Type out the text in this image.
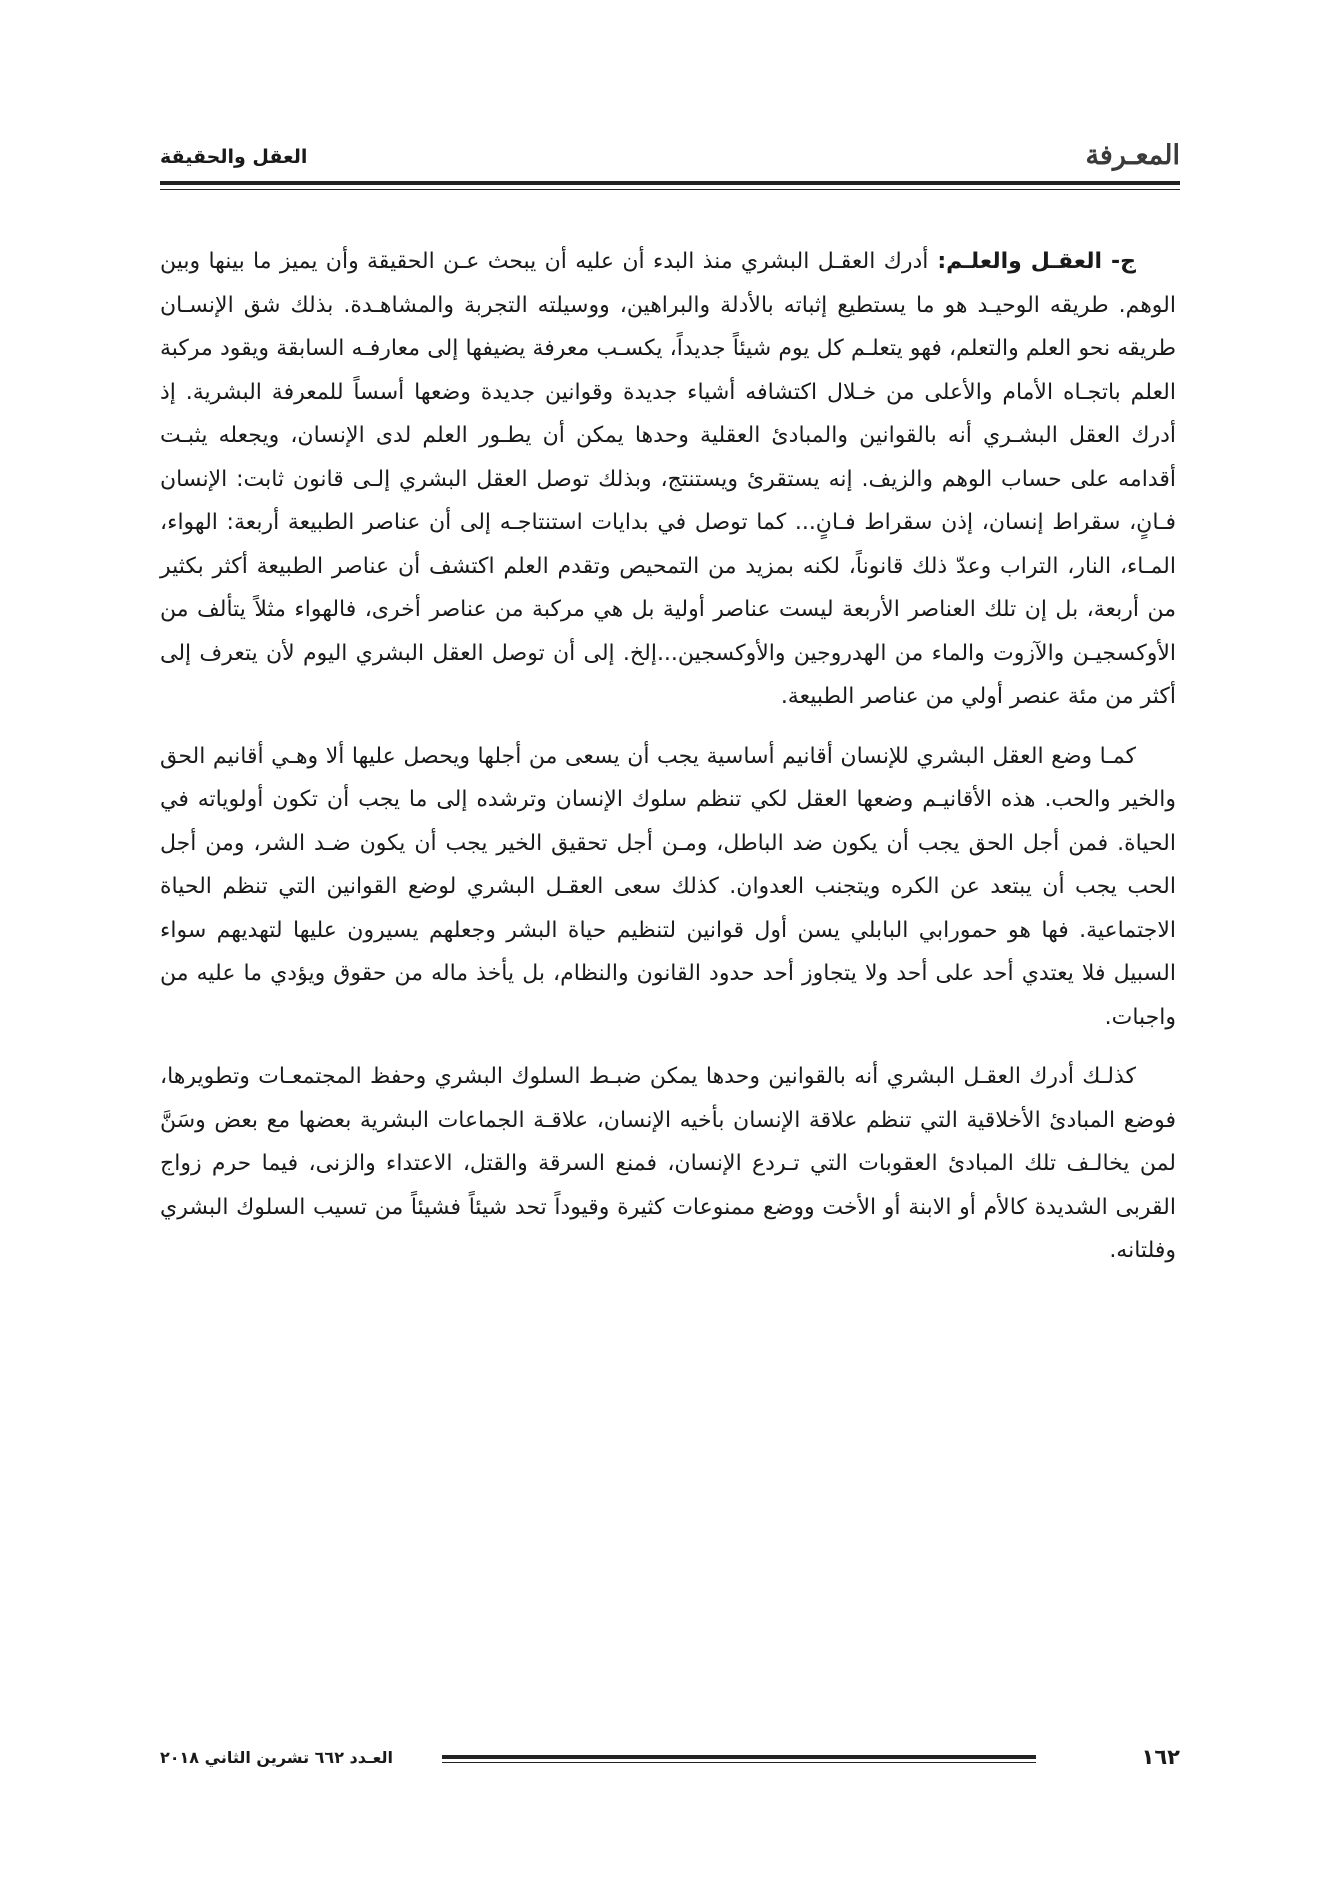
المعـرفة
العقل والحقيقة

ج- العقـل والعلـم: أدرك العقـل البشري منذ البدء أن عليه أن يبحث عـن الحقيقة وأن يميز ما بينها وبين الوهم. طريقه الوحيـد هو ما يستطيع إثباته بالأدلة والبراهين، ووسيلته التجربة والمشاهـدة. بذلك شق الإنسـان طريقه نحو العلم والتعلم، فهو يتعلـم كل يوم شيئاً جديداً، يكسـب معرفة يضيفها إلى معارفـه السابقة ويقود مركبة العلم باتجـاه الأمام والأعلى من خـلال اكتشافه أشياء جديدة وقوانين جديدة وضعها أسساً للمعرفة البشرية. إذ أدرك العقل البشـري أنه بالقوانين والمبادئ العقلية وحدها يمكن أن يطـور العلم لدى الإنسان، ويجعله يثبـت أقدامه على حساب الوهم والزيف. إنه يستقرئ ويستنتج، وبذلك توصل العقل البشري إلـى قانون ثابت: الإنسان فـانٍ، سقراط إنسان، إذن سقراط فـانٍ... كما توصل في بدايات استنتاجـه إلى أن عناصر الطبيعة أربعة: الهواء، المـاء، النار، التراب وعدّ ذلك قانوناً، لكنه بمزيد من التمحيص وتقدم العلم اكتشف أن عناصر الطبيعة أكثر بكثير من أربعة، بل إن تلك العناصر الأربعة ليست عناصر أولية بل هي مركبة من عناصر أخرى، فالهواء مثلاً يتألف من الأوكسجيـن والآزوت والماء من الهدروجين والأوكسجين...إلخ. إلى أن توصل العقل البشري اليوم لأن يتعرف إلى أكثر من مئة عنصر أولي من عناصر الطبيعة.

كمـا وضع العقل البشري للإنسان أقانيم أساسية يجب أن يسعى من أجلها ويحصل عليها ألا وهـي أقانيم الحق والخير والحب. هذه الأقانيـم وضعها العقل لكي تنظم سلوك الإنسان وترشده إلى ما يجب أن تكون أولوياته في الحياة. فمن أجل الحق يجب أن يكون ضد الباطل، ومـن أجل تحقيق الخير يجب أن يكون ضـد الشر، ومن أجل الحب يجب أن يبتعد عن الكره ويتجنب العدوان. كذلك سعى العقـل البشري لوضع القوانين التي تنظم الحياة الاجتماعية. فها هو حمورابي البابلي يسن أول قوانين لتنظيم حياة البشر وجعلهم يسيرون عليها لتهديهم سواء السبيل فلا يعتدي أحد على أحد ولا يتجاوز أحد حدود القانون والنظام، بل يأخذ ماله من حقوق ويؤدي ما عليه من واجبات.

كذلـك أدرك العقـل البشري أنه بالقوانين وحدها يمكن ضبـط السلوك البشري وحفظ المجتمعـات وتطويرها، فوضع المبادئ الأخلاقية التي تنظم علاقة الإنسان بأخيه الإنسان، علاقـة الجماعات البشرية بعضها مع بعض وسَنَّ لمن يخالـف تلك المبادئ العقوبات التي تـردع الإنسان، فمنع السرقة والقتل، الاعتداء والزنى، فيما حرم زواج القربى الشديدة كالأم أو الابنة أو الأخت ووضع ممنوعات كثيرة وقيوداً تحد شيئاً فشيئاً من تسيب السلوك البشري وفلتانه.

١٦٢
العـدد ٦٦٢ تشرين الثاني ٢٠١٨
